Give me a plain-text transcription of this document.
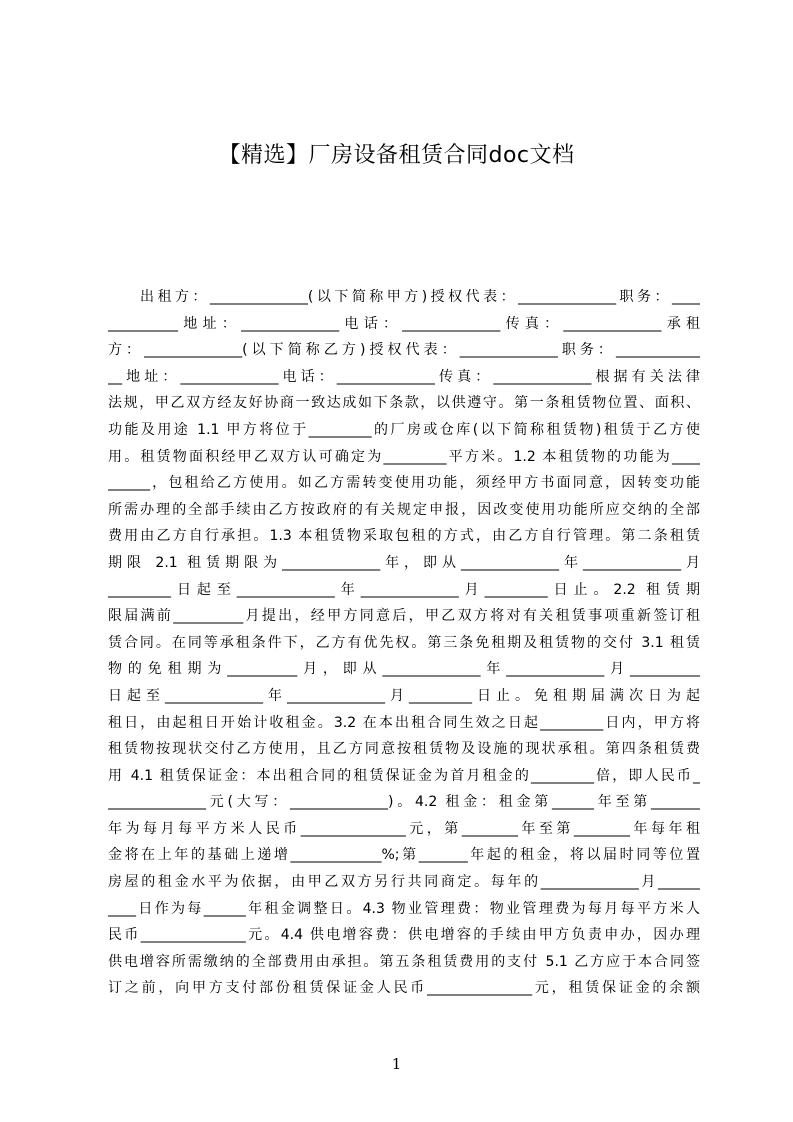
【精选】厂房设备租赁合同doc文档
出租方：______________(以下简称甲方)授权代表：______________职务：____
__________地址：______________电话：______________传真：______________承租
方：______________(以下简称乙方)授权代表：______________职务：____________
__地址：______________电话：______________传真：______________根据有关法律
法规，甲乙双方经友好协商一致达成如下条款，以供遵守。第一条租赁物位置、面积、
功能及用途 1.1 甲方将位于_________的厂房或仓库(以下简称租赁物)租赁于乙方使
用。租赁物面积经甲乙双方认可确定为_________平方米。1.2 本租赁物的功能为____
______，包租给乙方使用。如乙方需转变使用功能，须经甲方书面同意，因转变功能
所需办理的全部手续由乙方按政府的有关规定申报，因改变使用功能所应交纳的全部
费用由乙方自行承担。1.3 本租赁物采取包租的方式，由乙方自行管理。第二条租赁
期限 2.1 租赁期限为______________年，即从______________年______________月
_________日起至______________年______________月_________日止。2.2 租赁期
限届满前__________月提出，经甲方同意后，甲乙双方将对有关租赁事项重新签订租
赁合同。在同等承租条件下，乙方有优先权。第三条免租期及租赁物的交付 3.1 租赁
物的免租期为__________月，即从______________年______________月__________
日起至______________年______________月_________日止。免租期届满次日为起
租日，由起租日开始计收租金。3.2 在本出租合同生效之日起_________日内，甲方将
租赁物按现状交付乙方使用，且乙方同意按租赁物及设施的现状承租。第四条租赁费
用 4.1 租赁保证金：本出租合同的租赁保证金为首月租金的_________倍，即人民币_
______________元(大写：______________)。4.2 租金：租金第______年至第_______
年为每月每平方米人民币_______________元，第________年至第________年每年租
金将在上年的基础上递增_____________%;第_______年起的租金，将以届时同等位置
房屋的租金水平为依据，由甲乙双方另行共同商定。每年的______________月______
____日作为每______年租金调整日。4.3 物业管理费：物业管理费为每月每平方米人
民币_______________元。4.4 供电增容费：供电增容的手续由甲方负责申办，因办理
供电增容所需缴纳的全部费用由承担。第五条租赁费用的支付 5.1 乙方应于本合同签
订之前，向甲方支付部份租赁保证金人民币_______________元，租赁保证金的余额
1
